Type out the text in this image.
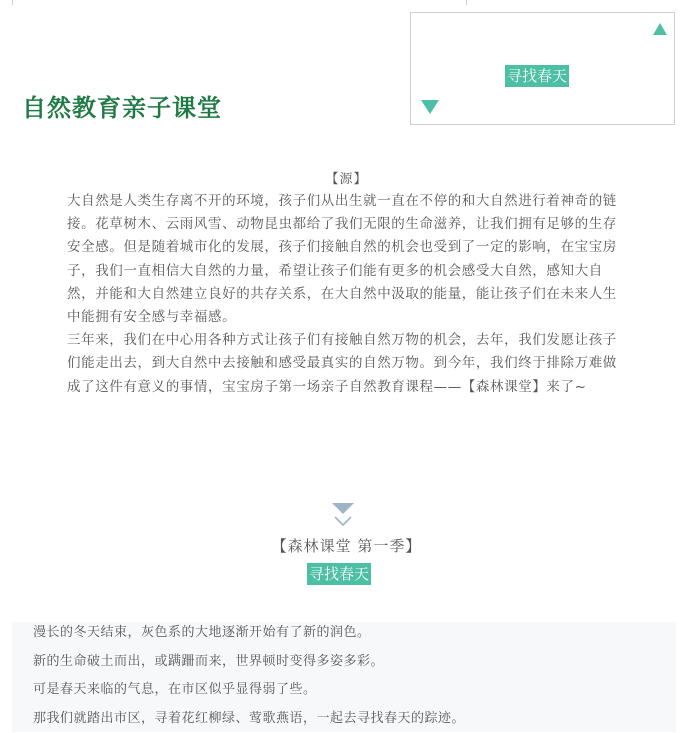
自然教育亲子课堂
寻找春天
【源】

大自然是人类生存离不开的环境，孩子们从出生就一直在不停的和大自然进行着神奇的链接。花草树木、云雨风雪、动物昆虫都给了我们无限的生命滋养，让我们拥有足够的生存安全感。但是随着城市化的发展，孩子们接触自然的机会也受到了一定的影响，在宝宝房子，我们一直相信大自然的力量，希望让孩子们能有更多的机会感受大自然，感知大自然，并能和大自然建立良好的共存关系，在大自然中汲取的能量，能让孩子们在未来人生中能拥有安全感与幸福感。

三年来，我们在中心用各种方式让孩子们有接触自然万物的机会，去年，我们发愿让孩子们能走出去，到大自然中去接触和感受最真实的自然万物。到今年，我们终于排除万难做成了这件有意义的事情，宝宝房子第一场亲子自然教育课程——【森林课堂】来了~

【森林课堂 第一季】
寻找春天

漫长的冬天结束，灰色系的大地逐渐开始有了新的润色。

新的生命破土而出，或蹒跚而来，世界顿时变得多姿多彩。

可是春天来临的气息，在市区似乎显得弱了些。

那我们就踏出市区，寻着花红柳绿、莺歌燕语，一起去寻找春天的踪迹。
